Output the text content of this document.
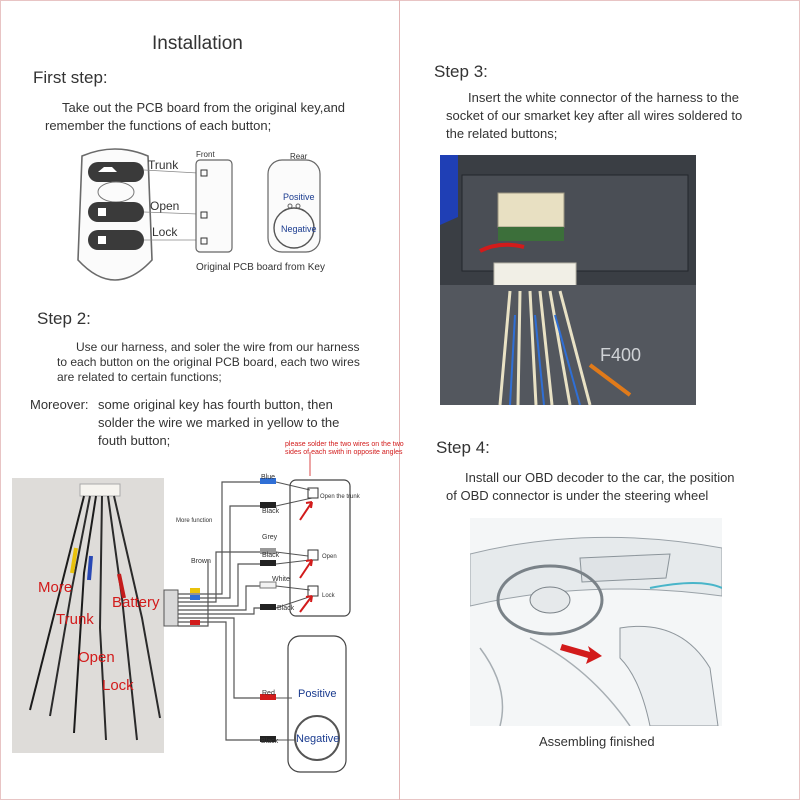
Installation
First step:
Take out the PCB board from the original key,and
remember the functions of each button;
Trunk
Open
Lock
Front	Rear
Positive
Negative
Original PCB board from Key
Step 2:
Use our harness, and soler the wire from our harness
to each button on the original PCB board, each two wires
are related to certain functions;
Moreover: some original key has fourth button, then
solder the wire we marked in yellow to the
fouth button;
More
Trunk
Battery
Open
Lock
please solder the two wires on the two sides of each swith in opposite angles
Blue
Black
More function
Brown
Grey
Black
White
Black
Red
Black
Open the trunk
Open
Lock
Positive
Negative
Step 3:
Insert the white connector of the harness to the
socket of our smarket key after all wires soldered to
the related buttons;
F400
Step 4:
Install our OBD decoder to the car, the position
of OBD connector is under the steering wheel
Assembling finished
